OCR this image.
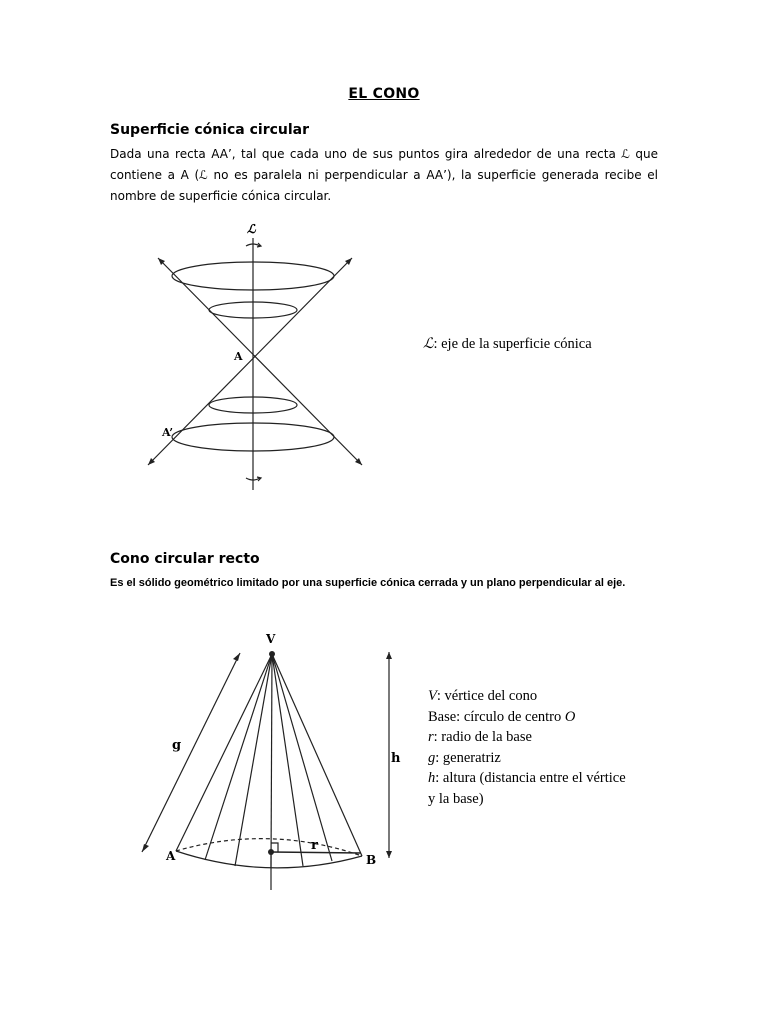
EL CONO
Superficie cónica circular
Dada una recta AA’, tal que cada uno de sus puntos gira alrededor de una recta ℒ que contiene a A (ℒ no es paralela ni perpendicular a AA’), la superficie generada recibe el nombre de superficie cónica circular.
ℒ
A
A’
ℒ: eje de la superficie cónica
Cono circular recto
Es el sólido geométrico limitado por una superficie cónica cerrada y un plano perpendicular al eje.
V
A	B
g
h
r
V: vértice del cono
Base: círculo de centro O
r: radio de la base
g: generatriz
h: altura (distancia entre el vértice
y la base)
